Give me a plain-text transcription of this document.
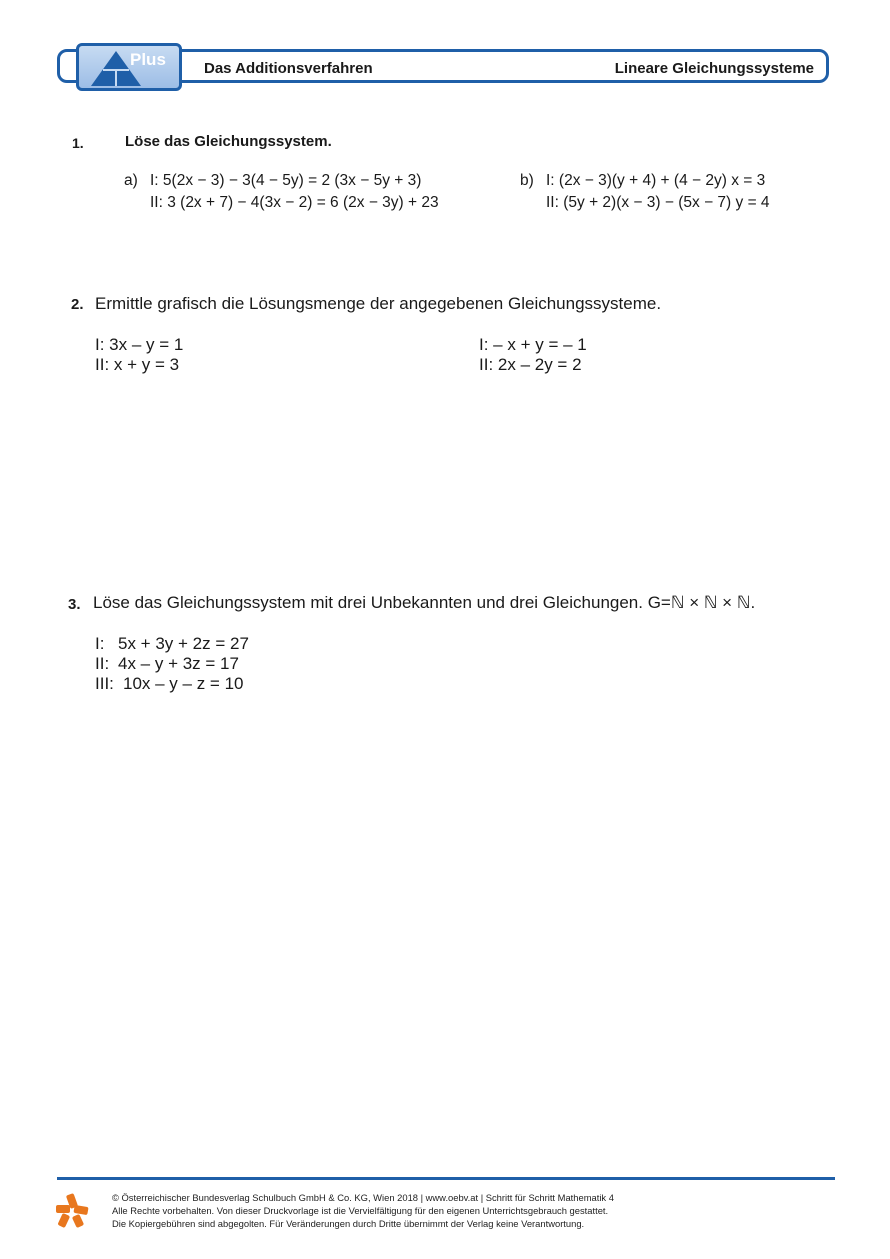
Plus	Das Additionsverfahren	Lineare Gleichungssysteme
1.	Löse das Gleichungssystem.
a) I: 5(2x − 3) − 3(4 − 5y) = 2 (3x − 5y + 3)
II: 3 (2x + 7) − 4(3x − 2) = 6 (2x − 3y) + 23
b) I: (2x − 3)(y + 4) + (4 − 2y) x = 3
II: (5y + 2)(x − 3) − (5x − 7) y = 4
2. Ermittle grafisch die Lösungsmenge der angegebenen Gleichungssysteme.
I: 3x – y = 1
II: x + y = 3
I: – x + y = – 1
II: 2x – 2y = 2
3. Löse das Gleichungssystem mit drei Unbekannten und drei Gleichungen. G=ℕ × ℕ × ℕ.
I: 5x + 3y + 2z = 27
II: 4x – y + 3z = 17
III: 10x – y – z = 10
© Österreichischer Bundesverlag Schulbuch GmbH & Co. KG, Wien 2018 | www.oebv.at | Schritt für Schritt Mathematik 4
Alle Rechte vorbehalten. Von dieser Druckvorlage ist die Vervielfältigung für den eigenen Unterrichtsgebrauch gestattet.
Die Kopiergebühren sind abgegolten. Für Veränderungen durch Dritte übernimmt der Verlag keine Verantwortung.
